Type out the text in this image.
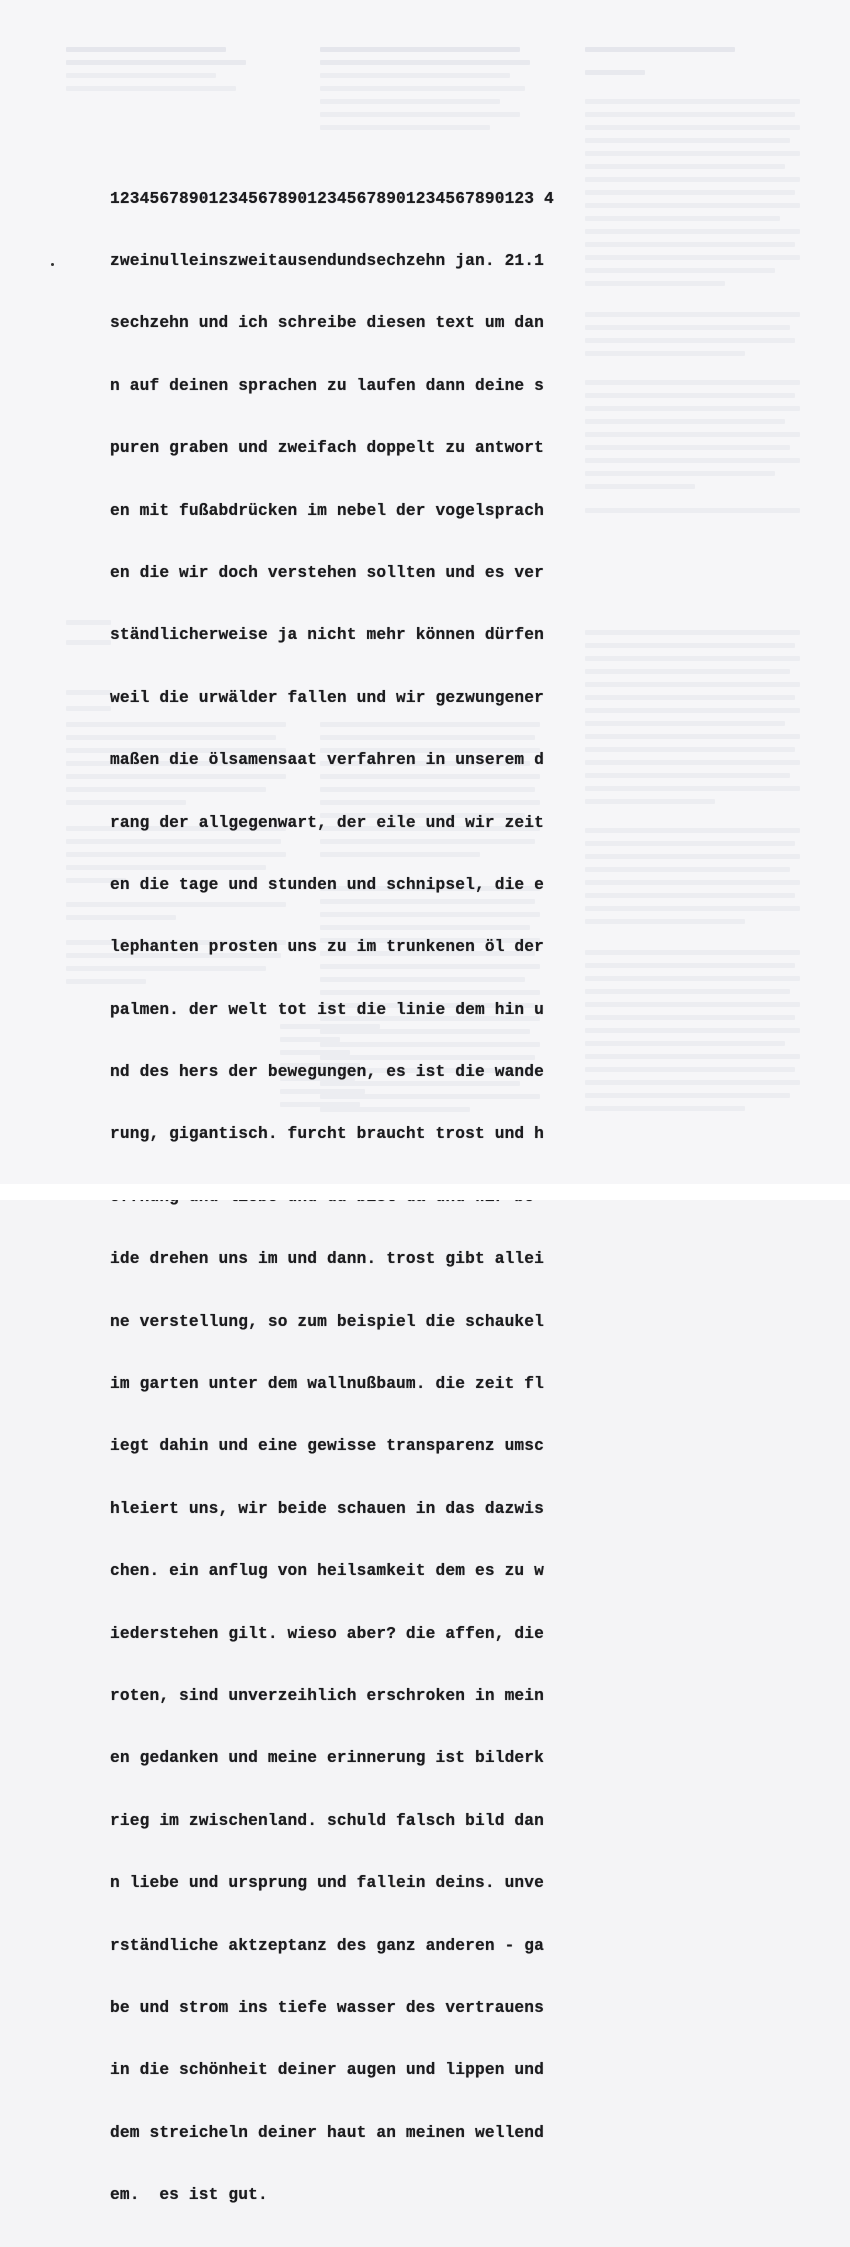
1234567890123456789012345678901234567890123 4

zweinulleinszweitausendundsechzehn jan. 21.1

sechzehn und ich schreibe diesen text um dan

n auf deinen sprachen zu laufen dann deine s

puren graben und zweifach doppelt zu antwort

en mit fußabdrücken im nebel der vogelsprach

en die wir doch verstehen sollten und es ver

ständlicherweise ja nicht mehr können dürfen

weil die urwälder fallen und wir gezwungener

maßen die ölsamensaat verfahren in unserem d

rang der allgegenwart, der eile und wir zeit

en die tage und stunden und schnipsel, die e

lephanten prosten uns zu im trunkenen öl der

palmen. der welt tot ist die linie dem hin u

nd des hers der bewegungen, es ist die wande

rung, gigantisch. furcht braucht trost und h

ide drehen uns im und dann. trost gibt allei

ne verstellung, so zum beispiel die schaukel

im garten unter dem wallnußbaum. die zeit fl

iegt dahin und eine gewisse transparenz umsc

hleiert uns, wir beide schauen in das dazwis

chen. ein anflug von heilsamkeit dem es zu w

iederstehen gilt. wieso aber? die affen, die

roten, sind unverzeihlich erschroken in mein

en gedanken und meine erinnerung ist bilderk

rieg im zwischenland. schuld falsch bild dan

n liebe und ursprung und fallein deins. unve

rständliche aktzeptanz des ganz anderen - ga

be und strom ins tiefe wasser des vertrauens

in die schönheit deiner augen und lippen und

dem streicheln deiner haut an meinen wellend

em.  es ist gut.
